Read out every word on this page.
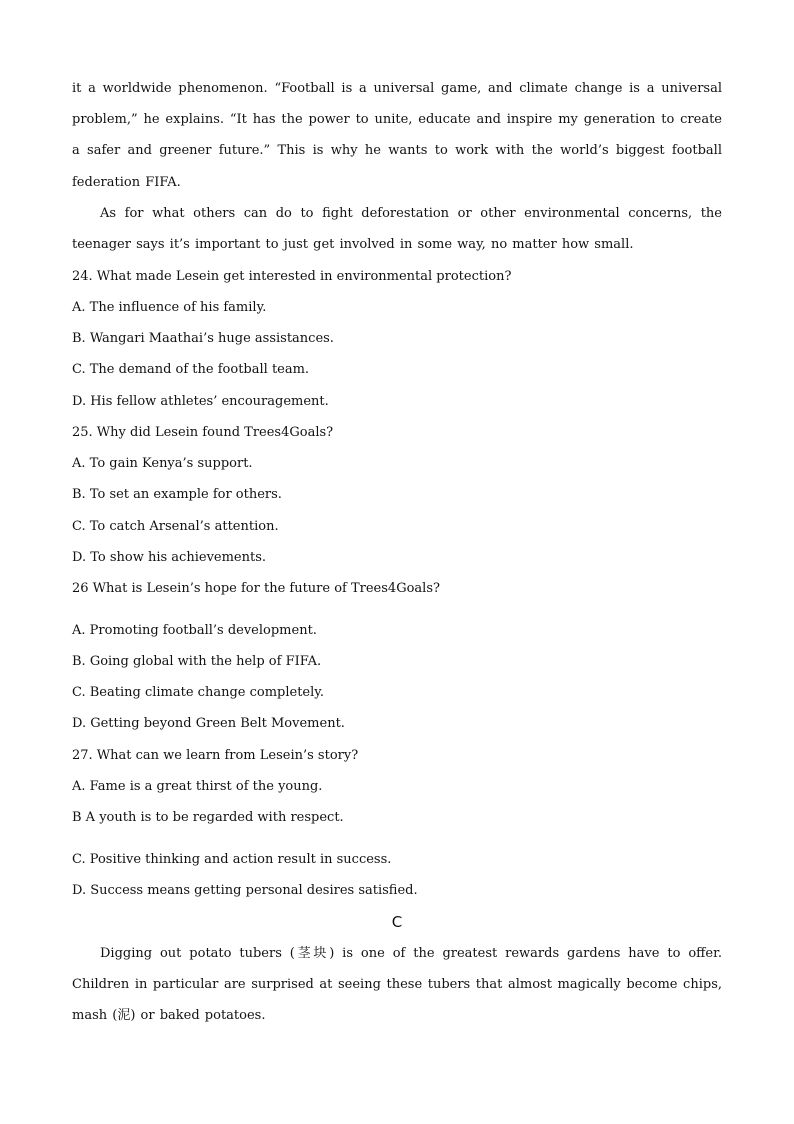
it a worldwide phenomenon. “Football is a universal game, and climate change is a universal problem,” he explains. “It has the power to unite, educate and inspire my generation to create a safer and greener future.” This is why he wants to work with the world’s biggest football federation FIFA.

As for what others can do to fight deforestation or other environmental concerns, the teenager says it’s important to just get involved in some way, no matter how small.

24. What made Lesein get interested in environmental protection?

A. The influence of his family.

B. Wangari Maathai’s huge assistances.

C. The demand of the football team.

D. His fellow athletes’ encouragement.

25. Why did Lesein found Trees4Goals?

A. To gain Kenya’s support.

B. To set an example for others.

C. To catch Arsenal’s attention.

D. To show his achievements.

26 What is Lesein’s hope for the future of Trees4Goals?

A. Promoting football’s development.

B. Going global with the help of FIFA.

C. Beating climate change completely.

D. Getting beyond Green Belt Movement.

27. What can we learn from Lesein’s story?

A. Fame is a great thirst of the young.

B A youth is to be regarded with respect.

C. Positive thinking and action result in success.

D. Success means getting personal desires satisfied.

C

Digging out potato tubers (茎块) is one of the greatest rewards gardens have to offer. Children in particular are surprised at seeing these tubers that almost magically become chips, mash (泥) or baked potatoes.
